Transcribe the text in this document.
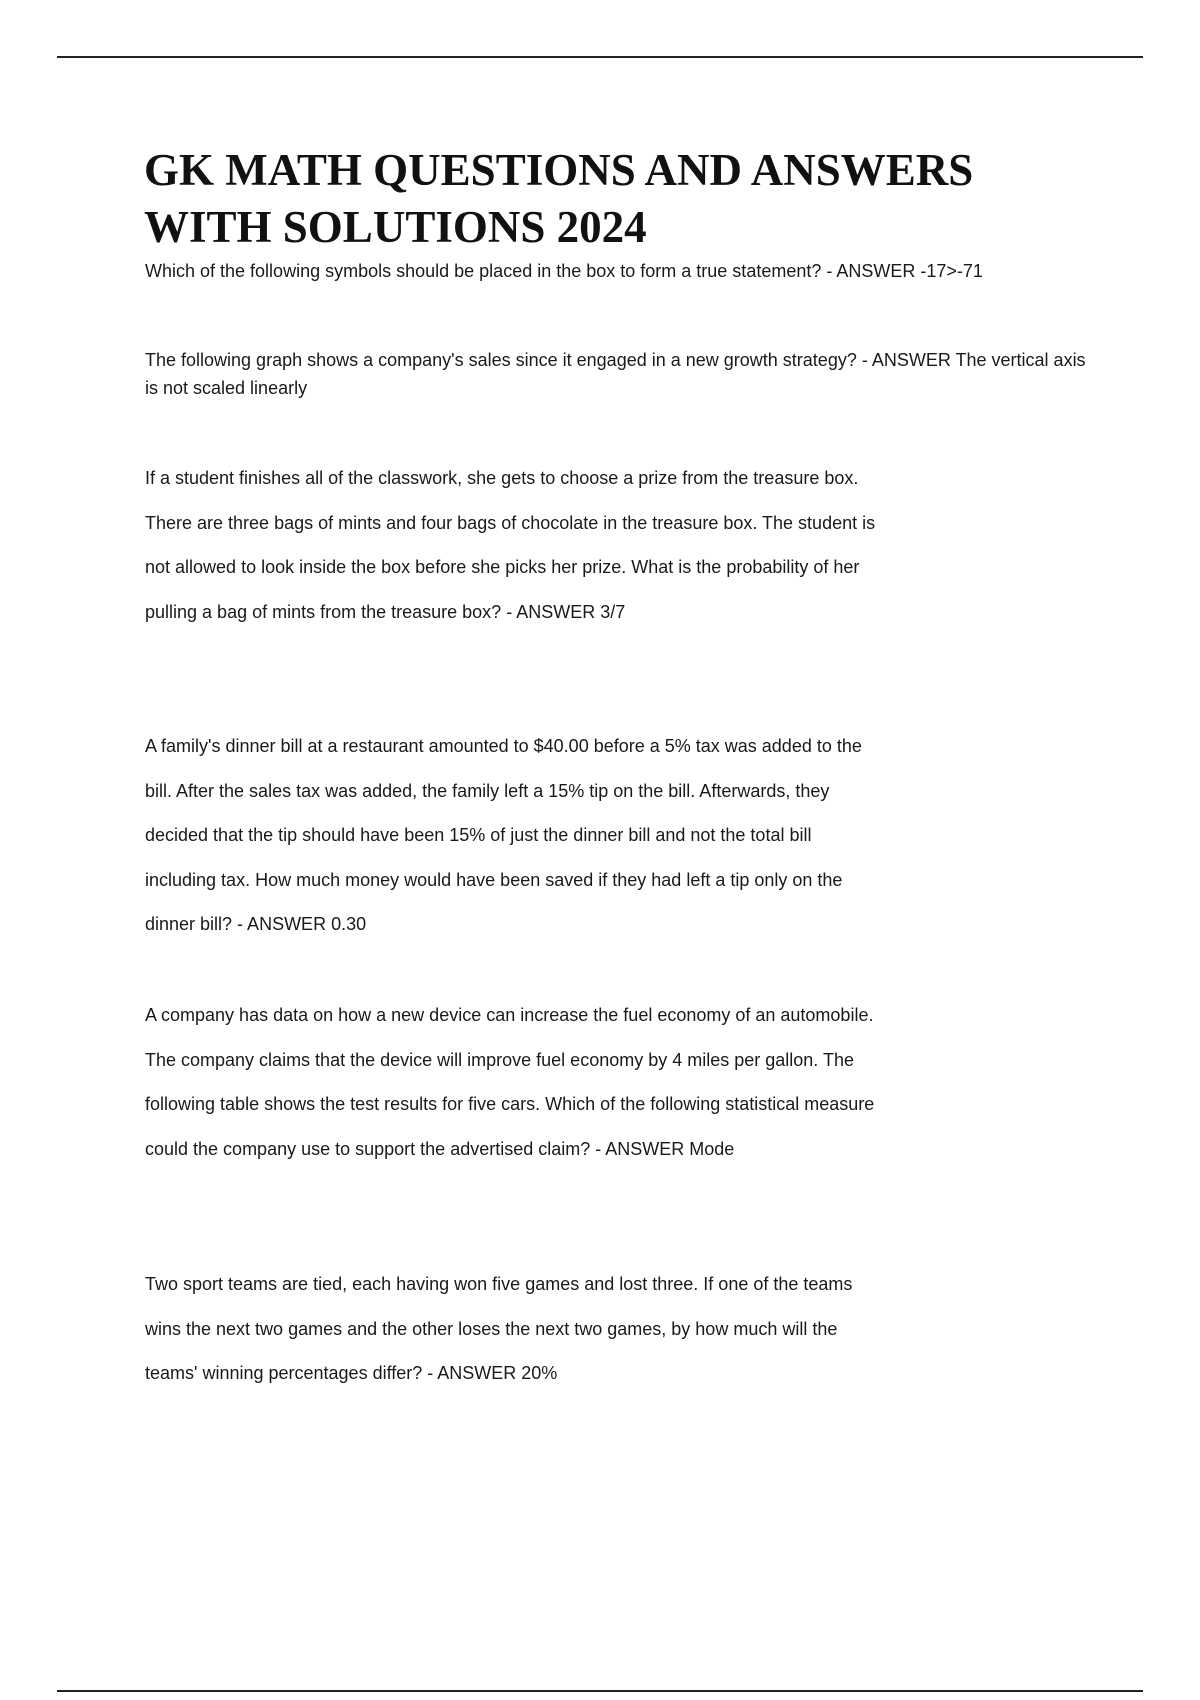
GK MATH QUESTIONS AND ANSWERS WITH SOLUTIONS 2024

Which of the following symbols should be placed in the box to form a true statement? - ANSWER -17>-71

The following graph shows a company's sales since it engaged in a new growth strategy? - ANSWER The vertical axis is not scaled linearly

If a student finishes all of the classwork, she gets to choose a prize from the treasure box. There are three bags of mints and four bags of chocolate in the treasure box. The student is not allowed to look inside the box before she picks her prize. What is the probability of her pulling a bag of mints from the treasure box? - ANSWER 3/7

A family's dinner bill at a restaurant amounted to $40.00 before a 5% tax was added to the bill. After the sales tax was added, the family left a 15% tip on the bill. Afterwards, they decided that the tip should have been 15% of just the dinner bill and not the total bill including tax. How much money would have been saved if they had left a tip only on the dinner bill? - ANSWER 0.30

A company has data on how a new device can increase the fuel economy of an automobile. The company claims that the device will improve fuel economy by 4 miles per gallon. The following table shows the test results for five cars. Which of the following statistical measure could the company use to support the advertised claim? - ANSWER Mode

Two sport teams are tied, each having won five games and lost three. If one of the teams wins the next two games and the other loses the next two games, by how much will the teams' winning percentages differ? - ANSWER 20%
